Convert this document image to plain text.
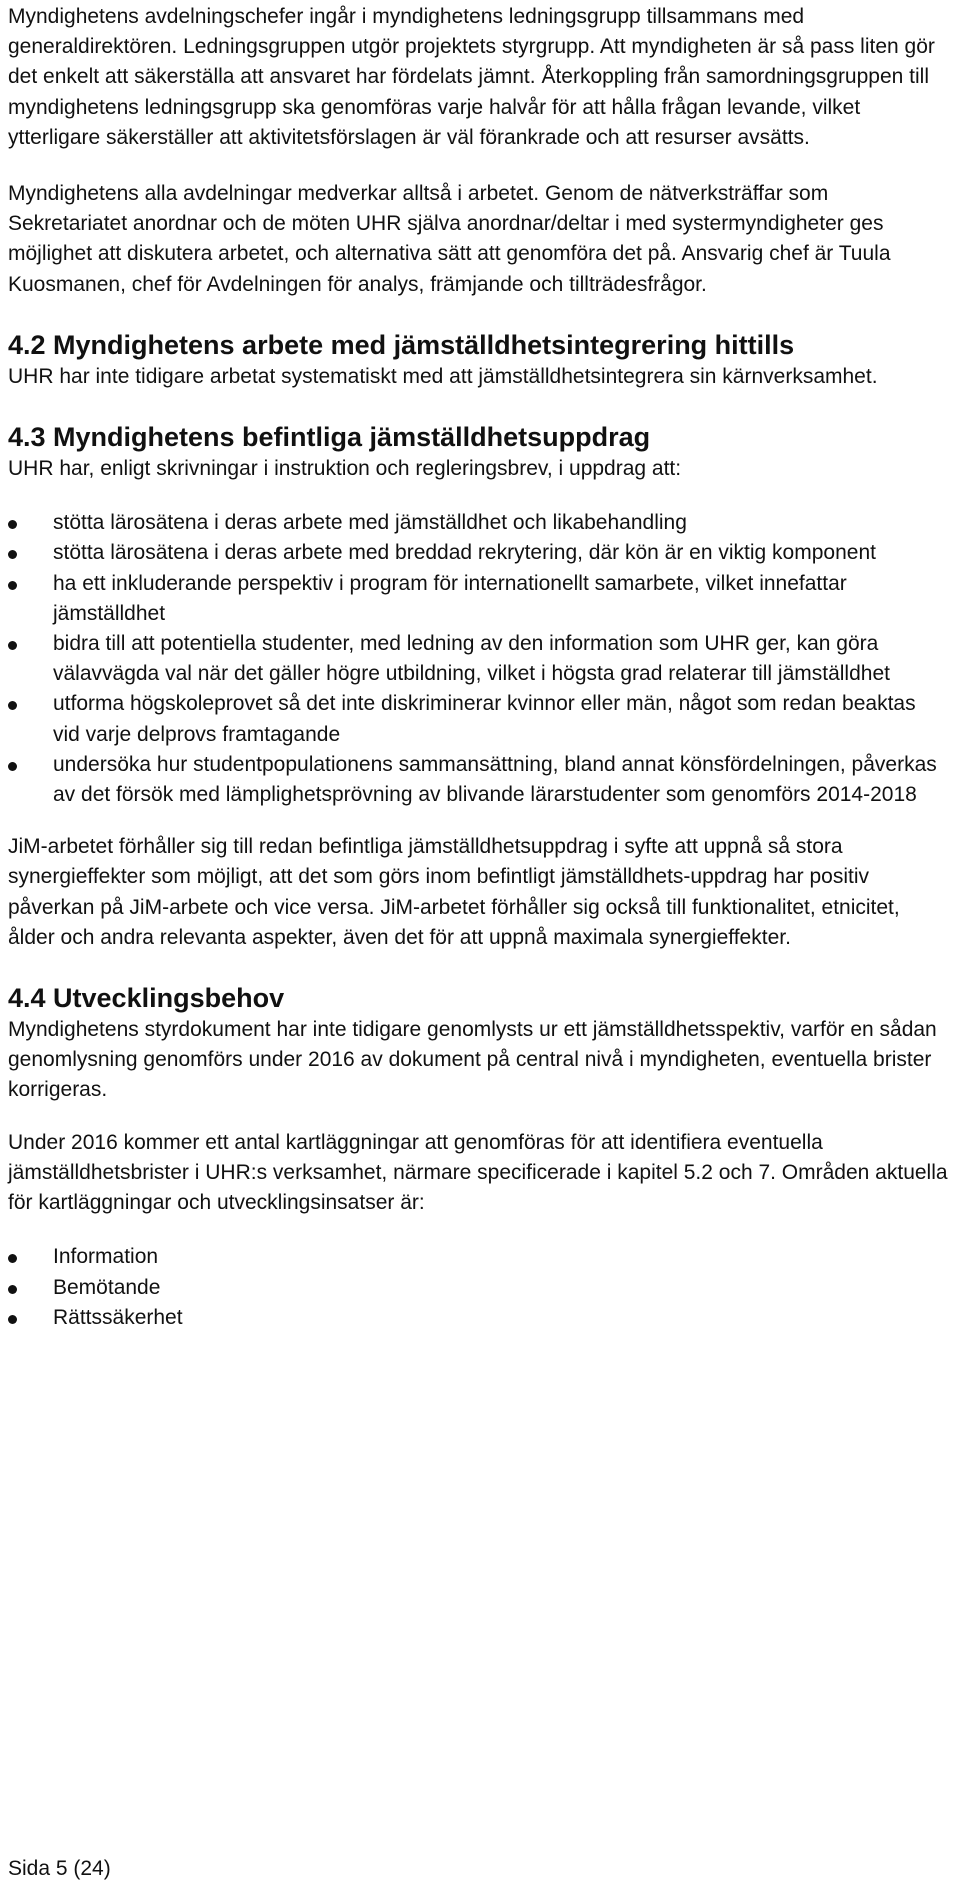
Myndighetens avdelningschefer ingår i myndighetens ledningsgrupp tillsammans med generaldirektören. Ledningsgruppen utgör projektets styrgrupp. Att myndigheten är så pass liten gör det enkelt att säkerställa att ansvaret har fördelats jämnt. Återkoppling från samordningsgruppen till myndighetens ledningsgrupp ska genomföras varje halvår för att hålla frågan levande, vilket ytterligare säkerställer att aktivitetsförslagen är väl förankrade och att resurser avsätts.

Myndighetens alla avdelningar medverkar alltså i arbetet. Genom de nätverksträffar som Sekretariatet anordnar och de möten UHR själva anordnar/deltar i med systermyndigheter ges möjlighet att diskutera arbetet, och alternativa sätt att genomföra det på. Ansvarig chef är Tuula Kuosmanen, chef för Avdelningen för analys, främjande och tillträdesfrågor.

4.2 Myndighetens arbete med jämställdhetsintegrering hittills

UHR har inte tidigare arbetat systematiskt med att jämställdhetsintegrera sin kärnverksamhet.

4.3 Myndighetens befintliga jämställdhetsuppdrag

UHR har, enligt skrivningar i instruktion och regleringsbrev, i uppdrag att:

stötta lärosätena i deras arbete med jämställdhet och likabehandling
stötta lärosätena i deras arbete med breddad rekrytering, där kön är en viktig komponent
ha ett inkluderande perspektiv i program för internationellt samarbete, vilket innefattar jämställdhet
bidra till att potentiella studenter, med ledning av den information som UHR ger, kan göra välavvägda val när det gäller högre utbildning, vilket i högsta grad relaterar till jämställdhet
utforma högskoleprovet så det inte diskriminerar kvinnor eller män, något som redan beaktas vid varje delprovs framtagande
undersöka hur studentpopulationens sammansättning, bland annat könsfördelningen, påverkas av det försök med lämplighetsprövning av blivande lärarstudenter som genomförs 2014-2018

JiM-arbetet förhåller sig till redan befintliga jämställdhetsuppdrag i syfte att uppnå så stora synergieffekter som möjligt, att det som görs inom befintligt jämställdhets-uppdrag har positiv påverkan på JiM-arbete och vice versa. JiM-arbetet förhåller sig också till funktionalitet, etnicitet, ålder och andra relevanta aspekter, även det för att uppnå maximala synergieffekter.

4.4 Utvecklingsbehov

Myndighetens styrdokument har inte tidigare genomlysts ur ett jämställdhetsspektiv, varför en sådan genomlysning genomförs under 2016 av dokument på central nivå i myndigheten, eventuella brister korrigeras.

Under 2016 kommer ett antal kartläggningar att genomföras för att identifiera eventuella jämställdhetsbrister i UHR:s verksamhet, närmare specificerade i kapitel 5.2 och 7. Områden aktuella för kartläggningar och utvecklingsinsatser är:

Information
Bemötande
Rättssäkerhet
Sida 5 (24)
